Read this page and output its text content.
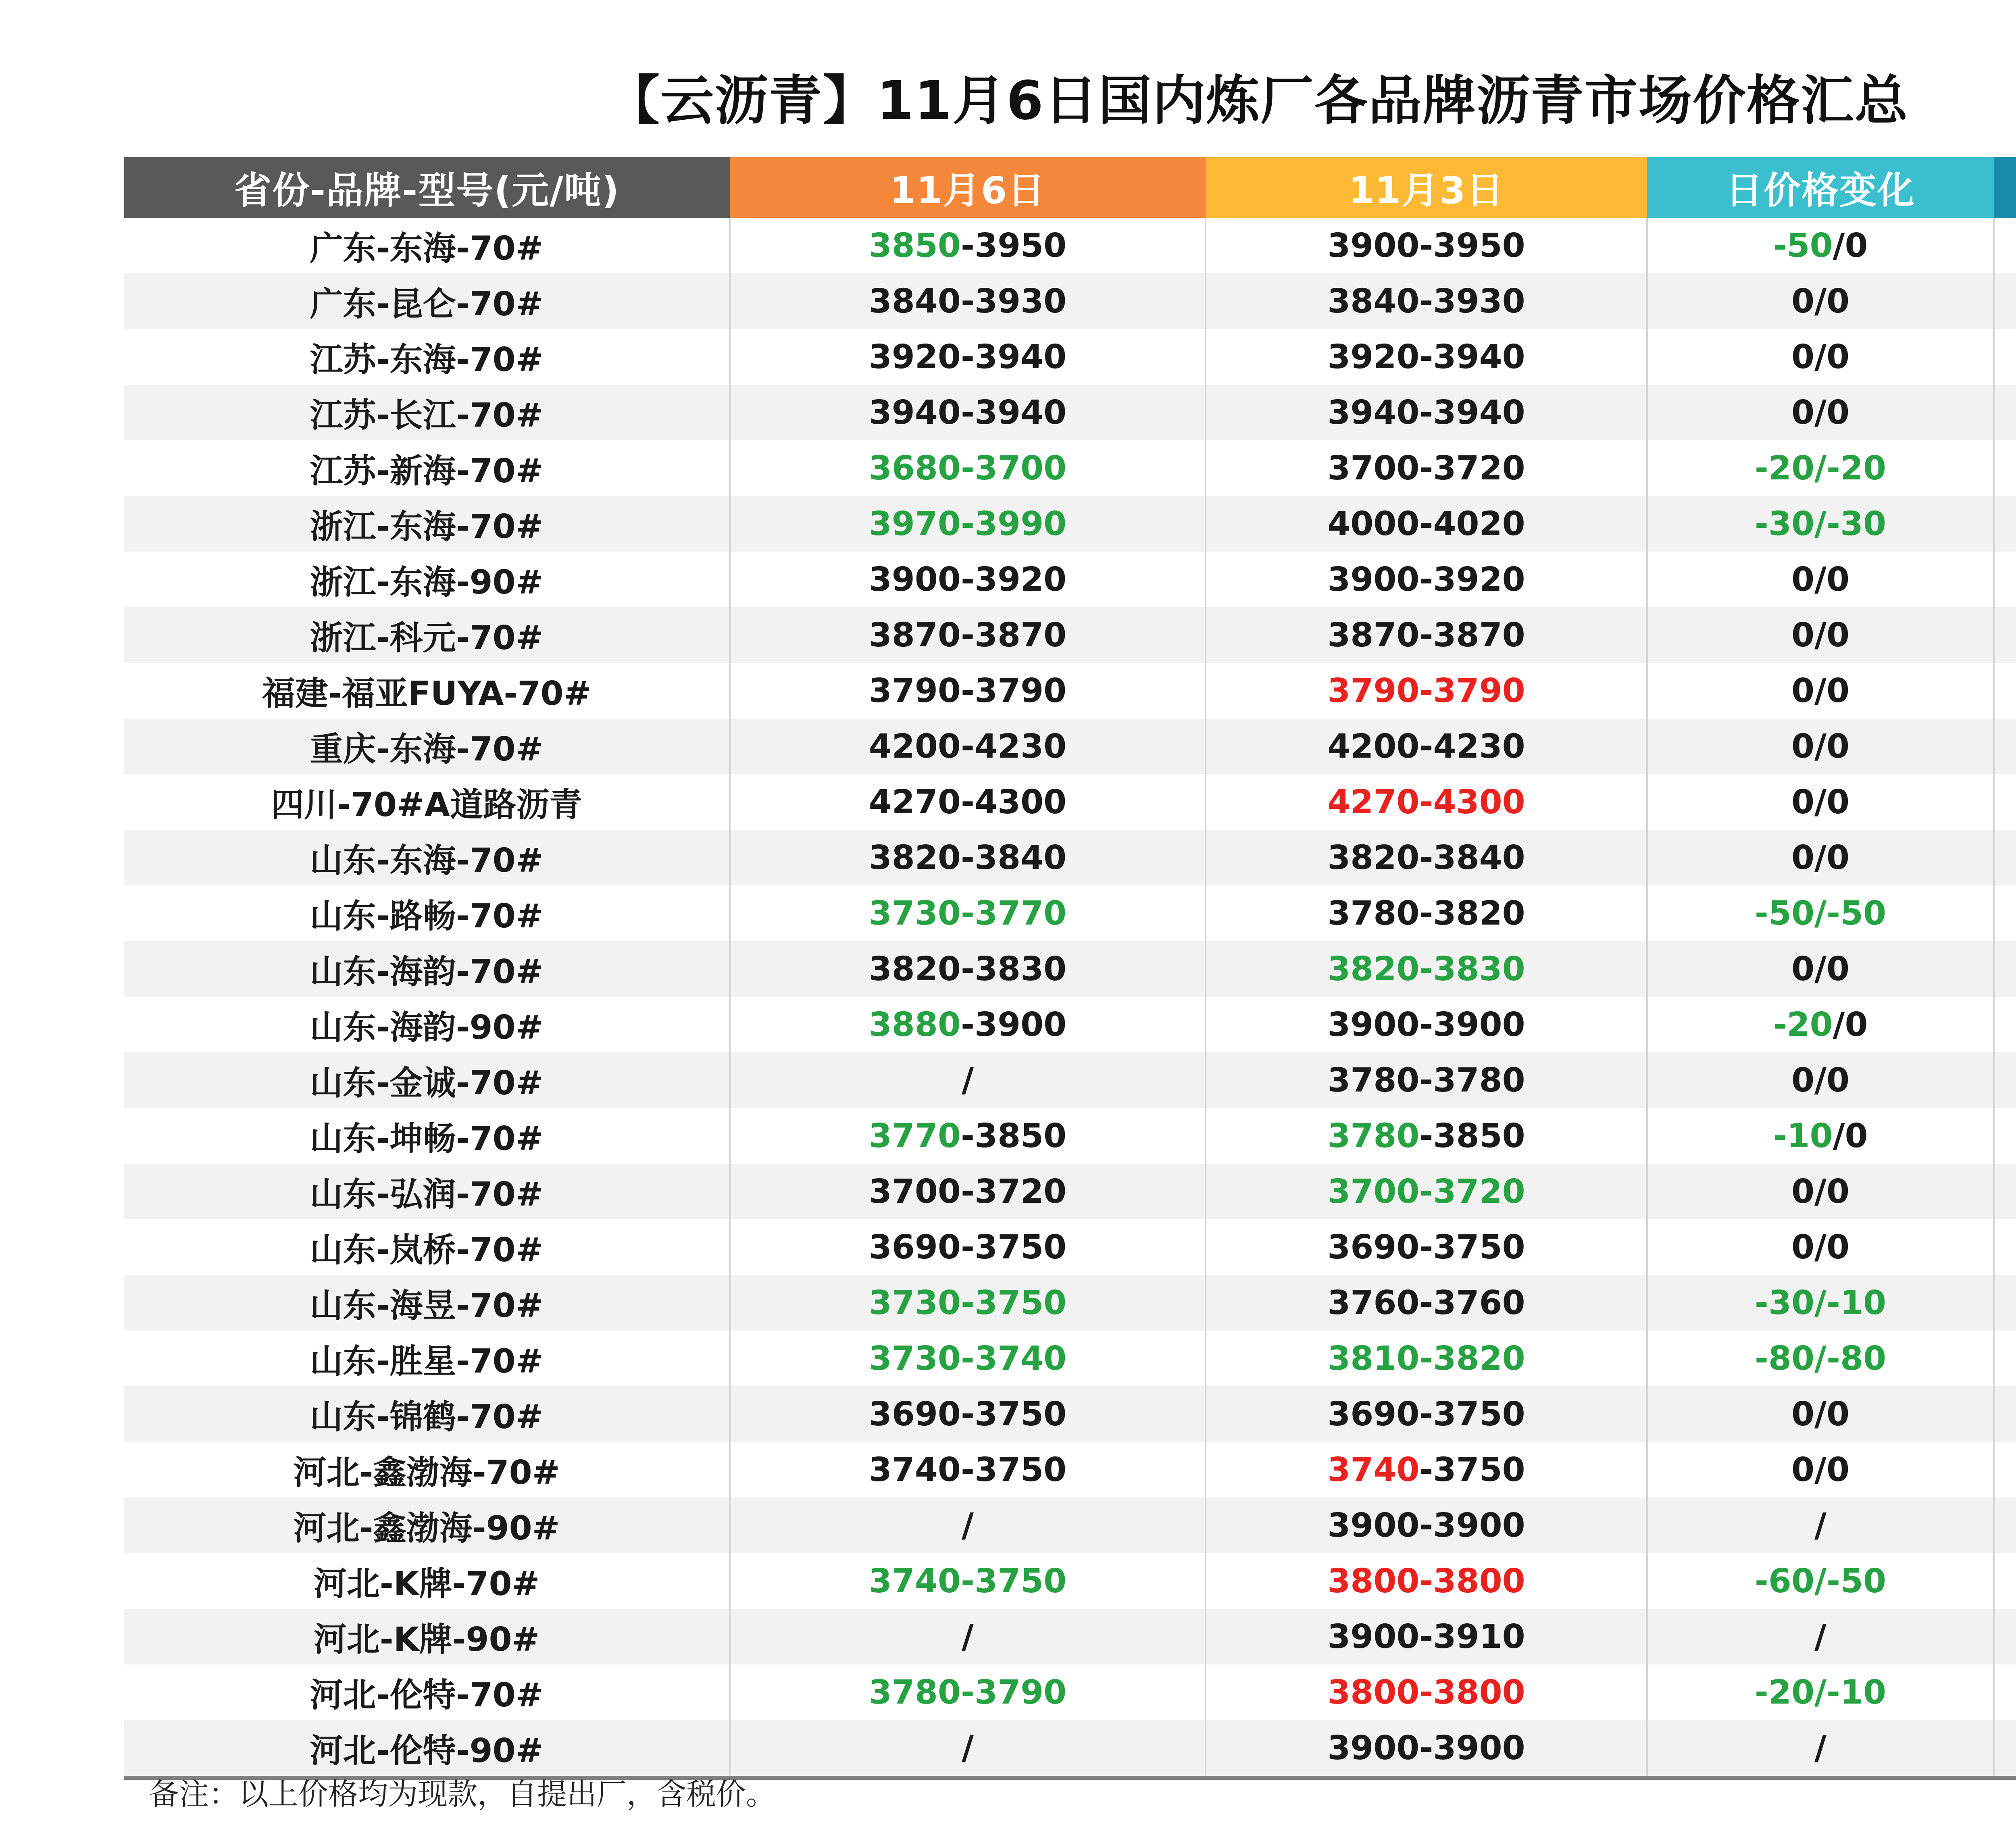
【云沥青】11月6日国内炼厂各品牌沥青市场价格汇总
省份-品牌-型号(元/吨)	11月6日	11月3日	日价格变化	
广东-东海-70#	3850-3950	3900-3950	-50/0	
广东-昆仑-70#	3840-3930	3840-3930	0/0	
江苏-东海-70#	3920-3940	3920-3940	0/0	
江苏-长江-70#	3940-3940	3940-3940	0/0	
江苏-新海-70#	3680-3700	3700-3720	-20/-20	
浙江-东海-70#	3970-3990	4000-4020	-30/-30	
浙江-东海-90#	3900-3920	3900-3920	0/0	
浙江-科元-70#	3870-3870	3870-3870	0/0	
福建-福亚FUYA-70#	3790-3790	3790-3790	0/0	
重庆-东海-70#	4200-4230	4200-4230	0/0	
四川-70#A道路沥青	4270-4300	4270-4300	0/0	
山东-东海-70#	3820-3840	3820-3840	0/0	
山东-路畅-70#	3730-3770	3780-3820	-50/-50	
山东-海韵-70#	3820-3830	3820-3830	0/0	
山东-海韵-90#	3880-3900	3900-3900	-20/0	
山东-金诚-70#	/	3780-3780	0/0	
山东-坤畅-70#	3770-3850	3780-3850	-10/0	
山东-弘润-70#	3700-3720	3700-3720	0/0	
山东-岚桥-70#	3690-3750	3690-3750	0/0	
山东-海昱-70#	3730-3750	3760-3760	-30/-10	
山东-胜星-70#	3730-3740	3810-3820	-80/-80	
山东-锦鹤-70#	3690-3750	3690-3750	0/0	
河北-鑫渤海-70#	3740-3750	3740-3750	0/0	
河北-鑫渤海-90#	/	3900-3900	/	
河北-K牌-70#	3740-3750	3800-3800	-60/-50	
河北-K牌-90#	/	3900-3910	/	
河北-伦特-70#	3780-3790	3800-3800	-20/-10	
河北-伦特-90#	/	3900-3900	/	
备注：以上价格均为现款，自提出厂，含税价。
